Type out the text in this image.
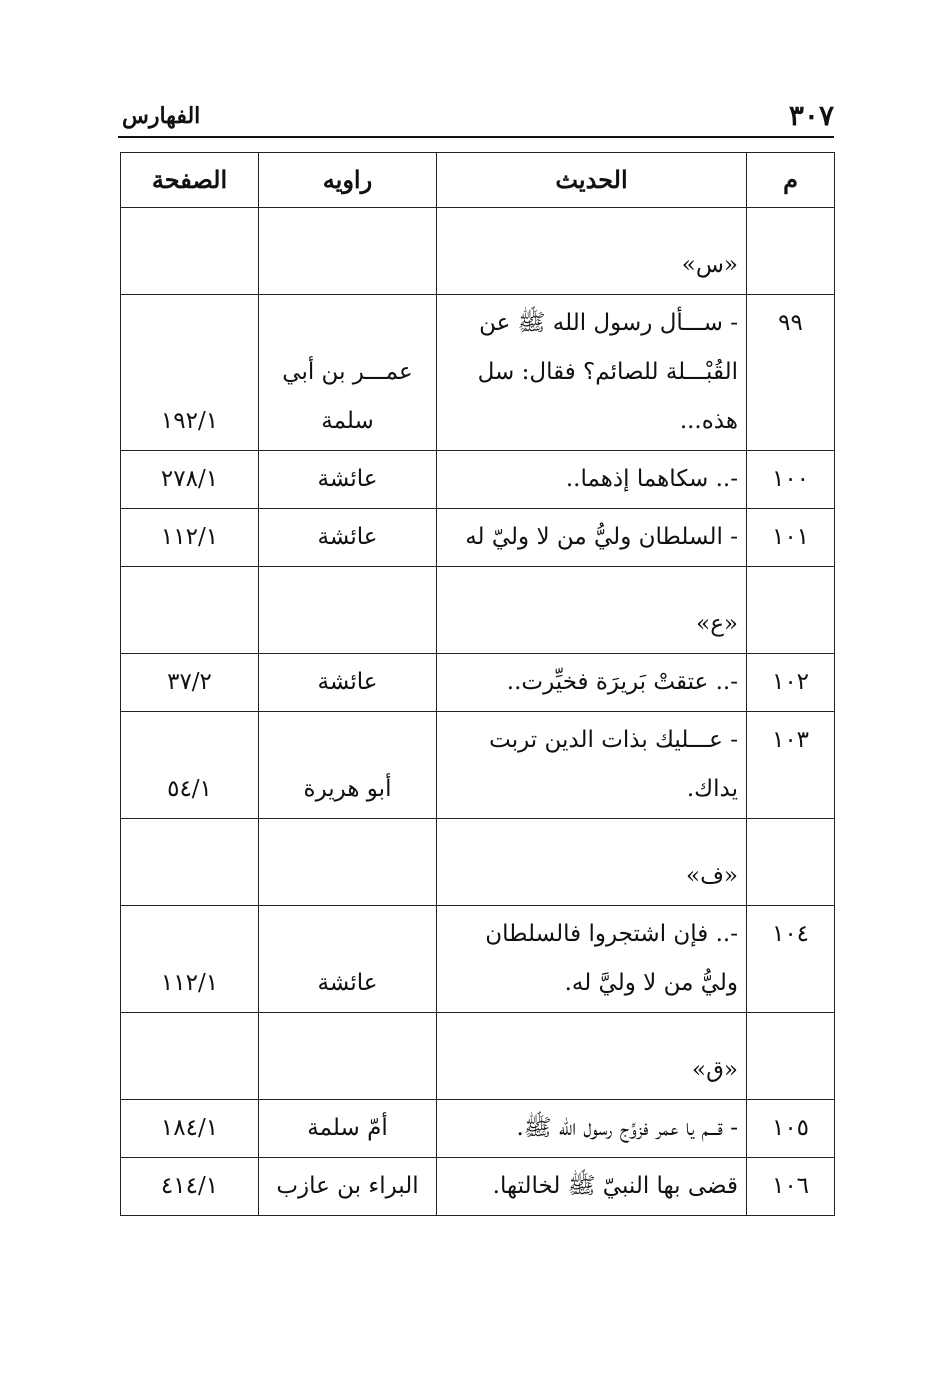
٣٠٧
الفهارس
م	الحديث	راويه	الصفحة
	«س»		
٩٩	- ســـأل رسول الله ﷺ عن القُبْـــلة للصائم؟ فقال: سل هذه...	عمـــر بن أبي سلمة	١٩٢/١
١٠٠	-.. سكاهما إذهما..	عائشة	٢٧٨/١
١٠١	- السلطان وليُّ من لا وليّ له	عائشة	١١٢/١
	«ع»		
١٠٢	-.. عتقتْ بَريرَة فخيِّرت..	عائشة	٣٧/٢
١٠٣	- عـــليك بذات الدين تربت يداك.	أبو هريرة	٥٤/١
	«ف»		
١٠٤	-.. فإن اشتجروا فالسلطان وليُّ من لا وليَّ له.	عائشة	١١٢/١
	«ق»		
١٠٥	- قـــم يا عمر فزوِّج رسول الله ﷺ.	أمّ سلمة	١٨٤/١
١٠٦	قضى بها النبيّ ﷺ لخالتها.	البراء بن عازب	٤١٤/١
